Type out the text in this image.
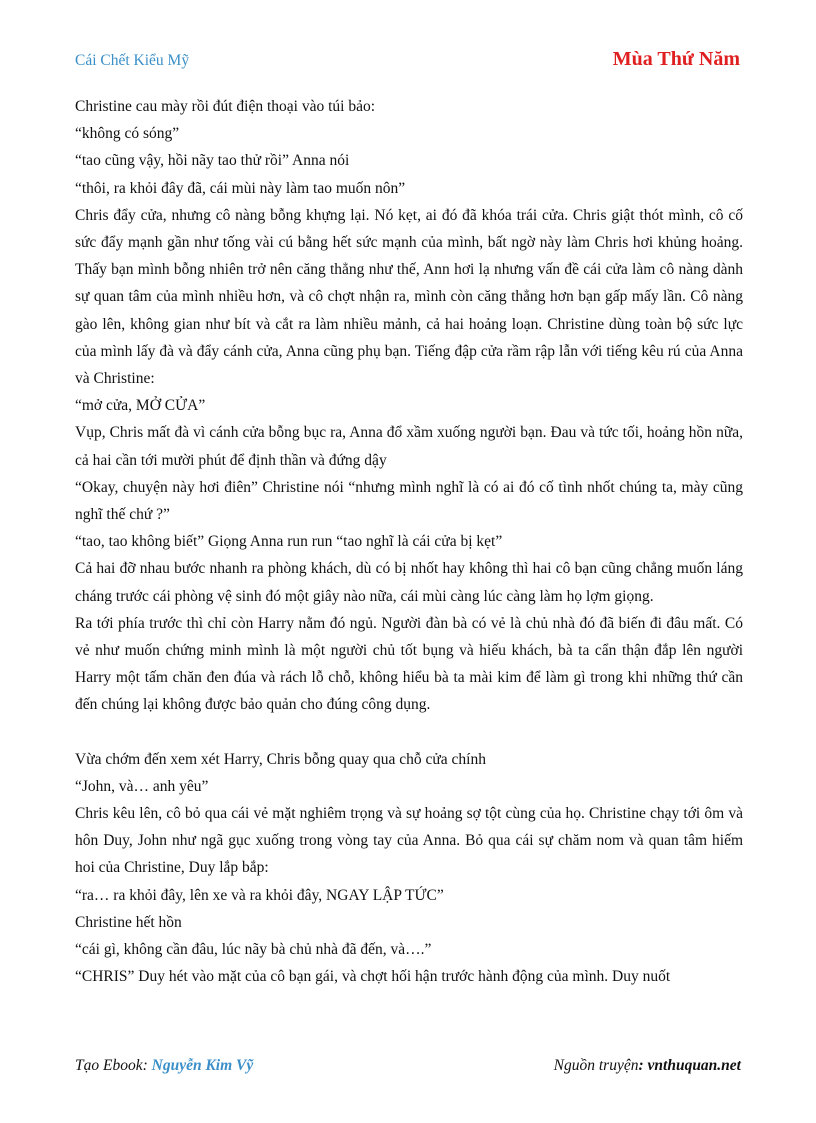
Cái Chết Kiểu Mỹ	Mùa Thứ Năm

Christine cau mày rồi đút điện thoại vào túi bảo:

“không có sóng”

“tao cũng vậy, hồi nãy tao thử rồi” Anna nói

“thôi, ra khỏi đây đã, cái mùi này làm tao muốn nôn”

Chris đẩy cửa, nhưng cô nàng bỗng khựng lại. Nó kẹt, ai đó đã khóa trái cửa. Chris giật thót mình, cô cố sức đẩy mạnh gần như tống vài cú bằng hết sức mạnh của mình, bất ngờ này làm Chris hơi khủng hoảng. Thấy bạn mình bỗng nhiên trở nên căng thẳng như thế, Ann hơi lạ nhưng vấn đề cái cửa làm cô nàng dành sự quan tâm của mình nhiều hơn, và cô chợt nhận ra, mình còn căng thẳng hơn bạn gấp mấy lần. Cô nàng gào lên, không gian như bít và cắt ra làm nhiều mảnh, cả hai hoảng loạn. Christine dùng toàn bộ sức lực của mình lấy đà và đẩy cánh cửa, Anna cũng phụ bạn. Tiếng đập cửa rầm rập lẫn với tiếng kêu rú của Anna và Christine:

“mở cửa, MỞ CỬA”

Vụp, Chris mất đà vì cánh cửa bỗng bục ra, Anna đổ xầm xuống người bạn. Đau và tức tối, hoảng hồn nữa, cả hai cần tới mười phút để định thần và đứng dậy

“Okay, chuyện này hơi điên” Christine nói “nhưng mình nghĩ là có ai đó cố tình nhốt chúng ta, mày cũng nghĩ thế chứ ?”

“tao, tao không biết” Giọng Anna run run “tao nghĩ là cái cửa bị kẹt”

Cả hai đỡ nhau bước nhanh ra phòng khách, dù có bị nhốt hay không thì hai cô bạn cũng chẳng muốn láng cháng trước cái phòng vệ sinh đó một giây nào nữa, cái mùi càng lúc càng làm họ lợm giọng.

Ra tới phía trước thì chỉ còn Harry nằm đó ngủ. Người đàn bà có vẻ là chủ nhà đó đã biến đi đâu mất. Có vẻ như muốn chứng minh mình là một người chủ tốt bụng và hiếu khách, bà ta cẩn thận đắp lên người Harry một tấm chăn đen đúa và rách lỗ chỗ, không hiểu bà ta mài kim để làm gì trong khi những thứ cần đến chúng lại không được bảo quản cho đúng công dụng.

Vừa chớm đến xem xét Harry, Chris bỗng quay qua chỗ cửa chính

“John, và… anh yêu”

Chris kêu lên, cô bỏ qua cái vẻ mặt nghiêm trọng và sự hoảng sợ tột cùng của họ. Christine chạy tới ôm và hôn Duy, John như ngã gục xuống trong vòng tay của Anna. Bỏ qua cái sự chăm nom và quan tâm hiếm hoi của Christine, Duy lắp bắp:

“ra… ra khỏi đây, lên xe và ra khỏi đây, NGAY LẬP TỨC”

Christine hết hồn

“cái gì, không cần đâu, lúc nãy bà chủ nhà đã đến, và….”

“CHRIS” Duy hét vào mặt của cô bạn gái, và chợt hối hận trước hành động của mình. Duy nuốt

Tạo Ebook: Nguyễn Kim Vỹ	Nguồn truyện: vnthuquan.net
